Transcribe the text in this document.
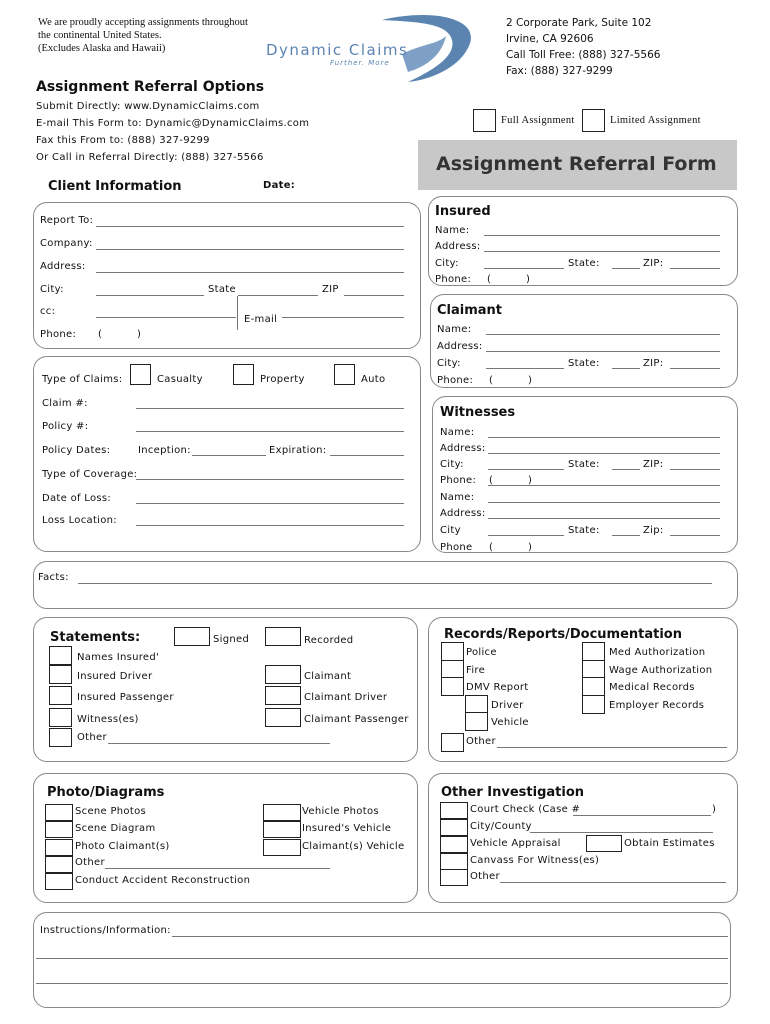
We are proudly accepting assignments throughout
the continental United States.
(Excludes Alaska and Hawaii)	Dynamic Claims
Further. More
2 Corporate Park, Suite 102
Irvine, CA 92606
Call Toll Free: (888) 327-5566
Fax: (888) 327-9299
Assignment Referral Options
Submit Directly: www.DynamicClaims.com
E-mail This Form to: Dynamic@DynamicClaims.com
Fax this From to: (888) 327-9299
Or Call in Referral Directly: (888) 327-5566
Full Assignment	Limited Assignment
Assignment Referral Form
Client Information	Date:
Report To:
Company:
Address:
City:	State	ZIP
cc:
E-mail
Phone: (          )
Type of Claims:	Casualty	Property	Auto
Claim #:
Policy #:
Policy Dates:	Inception:	Expiration:
Type of Coverage:
Date of Loss:
Loss Location:
Insured
Name:
Address:
City:	State:	ZIP:
Phone: (          )
Claimant
Name:
Address:
City:	State:	ZIP:
Phone: (          )
Witnesses
Name:
Address:
City:	State:	ZIP:
Phone: (          )
Name:
Address:
City	State:	Zip:
Phone (          )
Facts:
Statements:	Signed	Recorded
Names Insured'
Insured Driver
Insured Passenger
Witness(es)
Other
Claimant
Claimant Driver
Claimant Passenger
Records/Reports/Documentation
Police
Fire
DMV Report
Driver
Vehicle
Other
Med Authorization
Wage Authorization
Medical Records
Employer Records
Photo/Diagrams
Scene Photos
Scene Diagram
Photo Claimant(s)
Other
Conduct Accident Reconstruction
Vehicle Photos
Insured's Vehicle
Claimant(s) Vehicle
Other Investigation
Court Check (Case #	)
City/County
Vehicle Appraisal	Obtain Estimates
Canvass For Witness(es)
Other
Instructions/Information:
